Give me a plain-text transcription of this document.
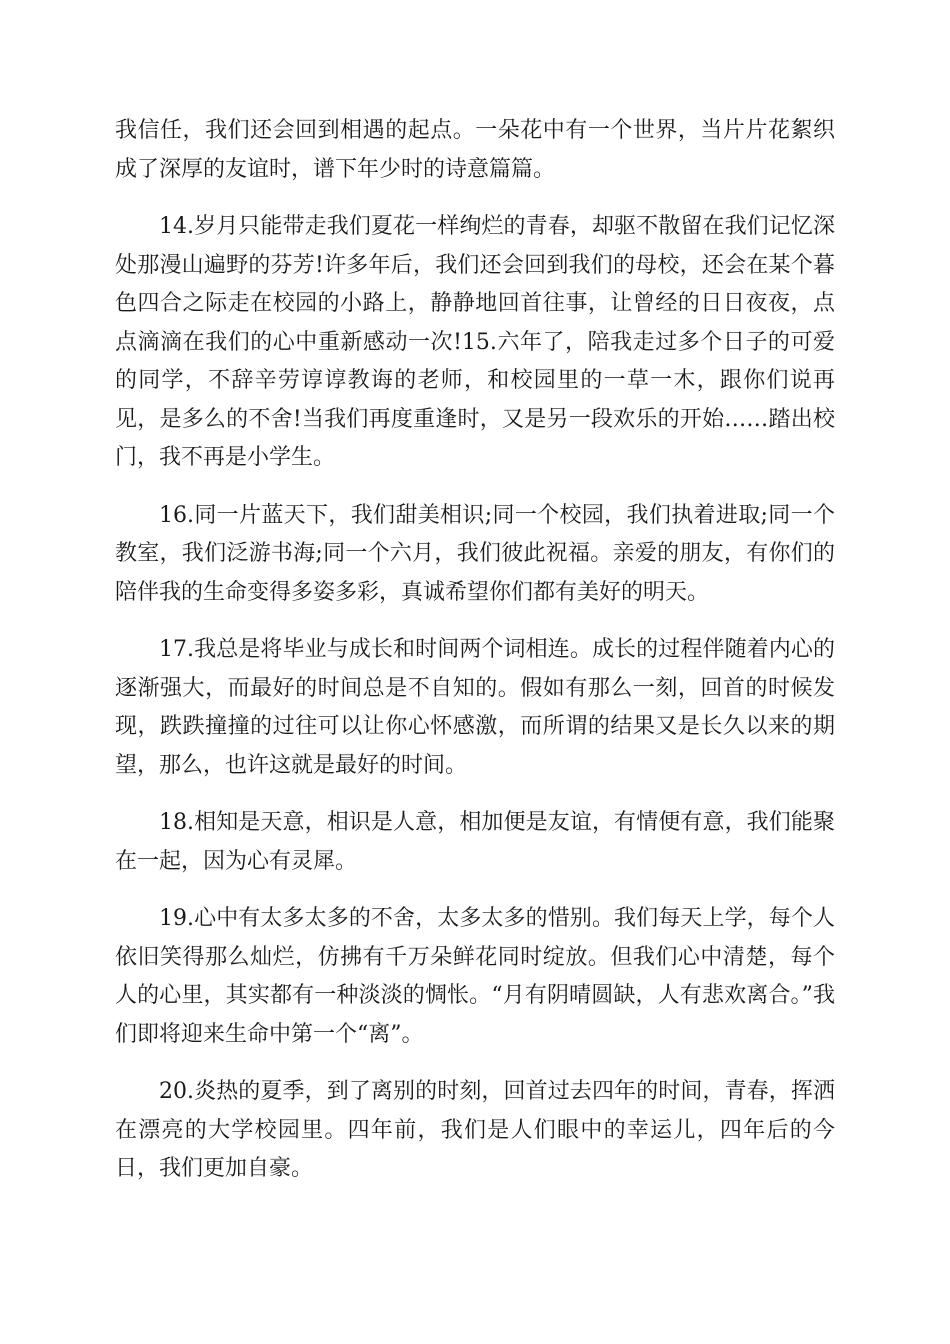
我信任，我们还会回到相遇的起点。一朵花中有一个世界，当片片花絮织成了深厚的友谊时，谱下年少时的诗意篇篇。

14.岁月只能带走我们夏花一样绚烂的青春，却驱不散留在我们记忆深处那漫山遍野的芬芳!许多年后，我们还会回到我们的母校，还会在某个暮色四合之际走在校园的小路上，静静地回首往事，让曾经的日日夜夜，点点滴滴在我们的心中重新感动一次!15.六年了，陪我走过多个日子的可爱的同学，不辞辛劳谆谆教诲的老师，和校园里的一草一木，跟你们说再见，是多么的不舍!当我们再度重逢时，又是另一段欢乐的开始……踏出校门，我不再是小学生。

16.同一片蓝天下，我们甜美相识;同一个校园，我们执着进取;同一个教室，我们泛游书海;同一个六月，我们彼此祝福。亲爱的朋友，有你们的陪伴我的生命变得多姿多彩，真诚希望你们都有美好的明天。

17.我总是将毕业与成长和时间两个词相连。成长的过程伴随着内心的逐渐强大，而最好的时间总是不自知的。假如有那么一刻，回首的时候发现，跌跌撞撞的过往可以让你心怀感激，而所谓的结果又是长久以来的期望，那么，也许这就是最好的时间。

18.相知是天意，相识是人意，相加便是友谊，有情便有意，我们能聚在一起，因为心有灵犀。

19.心中有太多太多的不舍，太多太多的惜别。我们每天上学，每个人依旧笑得那么灿烂，仿拂有千万朵鲜花同时绽放。但我们心中清楚，每个人的心里，其实都有一种淡淡的惆怅。“月有阴晴圆缺，人有悲欢离合。”我们即将迎来生命中第一个“离”。

20.炎热的夏季，到了离别的时刻，回首过去四年的时间，青春，挥洒在漂亮的大学校园里。四年前，我们是人们眼中的幸运儿，四年后的今日，我们更加自豪。
